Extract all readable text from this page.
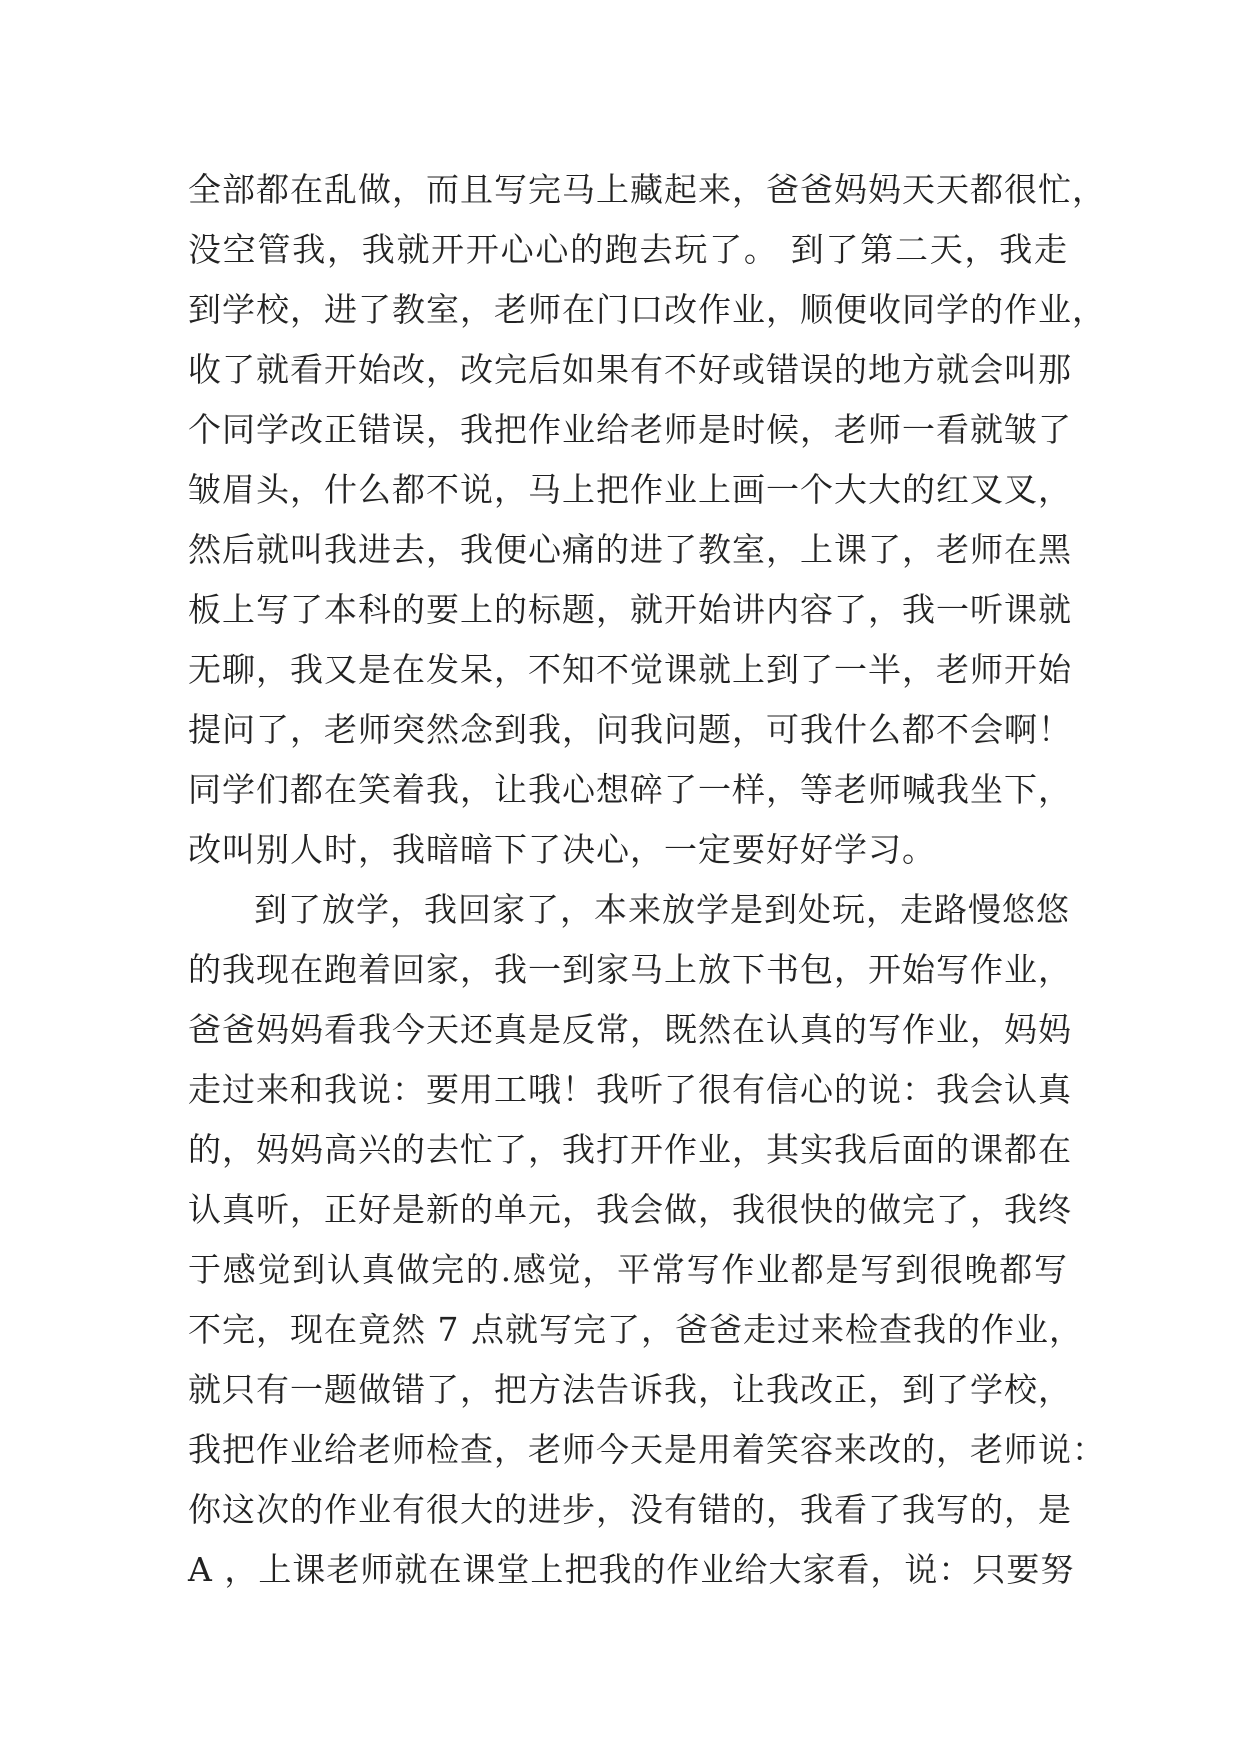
全部都在乱做，而且写完马上藏起来，爸爸妈妈天天都很忙，
没空管我，我就开开心心的跑去玩了。 到了第二天，我走
到学校，进了教室，老师在门口改作业，顺便收同学的作业，
收了就看开始改，改完后如果有不好或错误的地方就会叫那
个同学改正错误，我把作业给老师是时候，老师一看就皱了
皱眉头，什么都不说，马上把作业上画一个大大的红叉叉，
然后就叫我进去，我便心痛的进了教室，上课了，老师在黑
板上写了本科的要上的标题，就开始讲内容了，我一听课就
无聊，我又是在发呆，不知不觉课就上到了一半，老师开始
提问了，老师突然念到我，问我问题，可我什么都不会啊！
同学们都在笑着我，让我心想碎了一样，等老师喊我坐下，
改叫别人时，我暗暗下了决心，一定要好好学习。
到了放学，我回家了，本来放学是到处玩，走路慢悠悠
的我现在跑着回家，我一到家马上放下书包，开始写作业，
爸爸妈妈看我今天还真是反常，既然在认真的写作业，妈妈
走过来和我说：要用工哦！我听了很有信心的说：我会认真
的，妈妈高兴的去忙了，我打开作业，其实我后面的课都在
认真听，正好是新的单元，我会做，我很快的做完了，我终
于感觉到认真做完的.感觉，平常写作业都是写到很晚都写
不完，现在竟然 7 点就写完了，爸爸走过来检查我的作业，
就只有一题做错了，把方法告诉我，让我改正，到了学校，
我把作业给老师检查，老师今天是用着笑容来改的，老师说：
你这次的作业有很大的进步，没有错的，我看了我写的，是
A ，上课老师就在课堂上把我的作业给大家看，说：只要努
